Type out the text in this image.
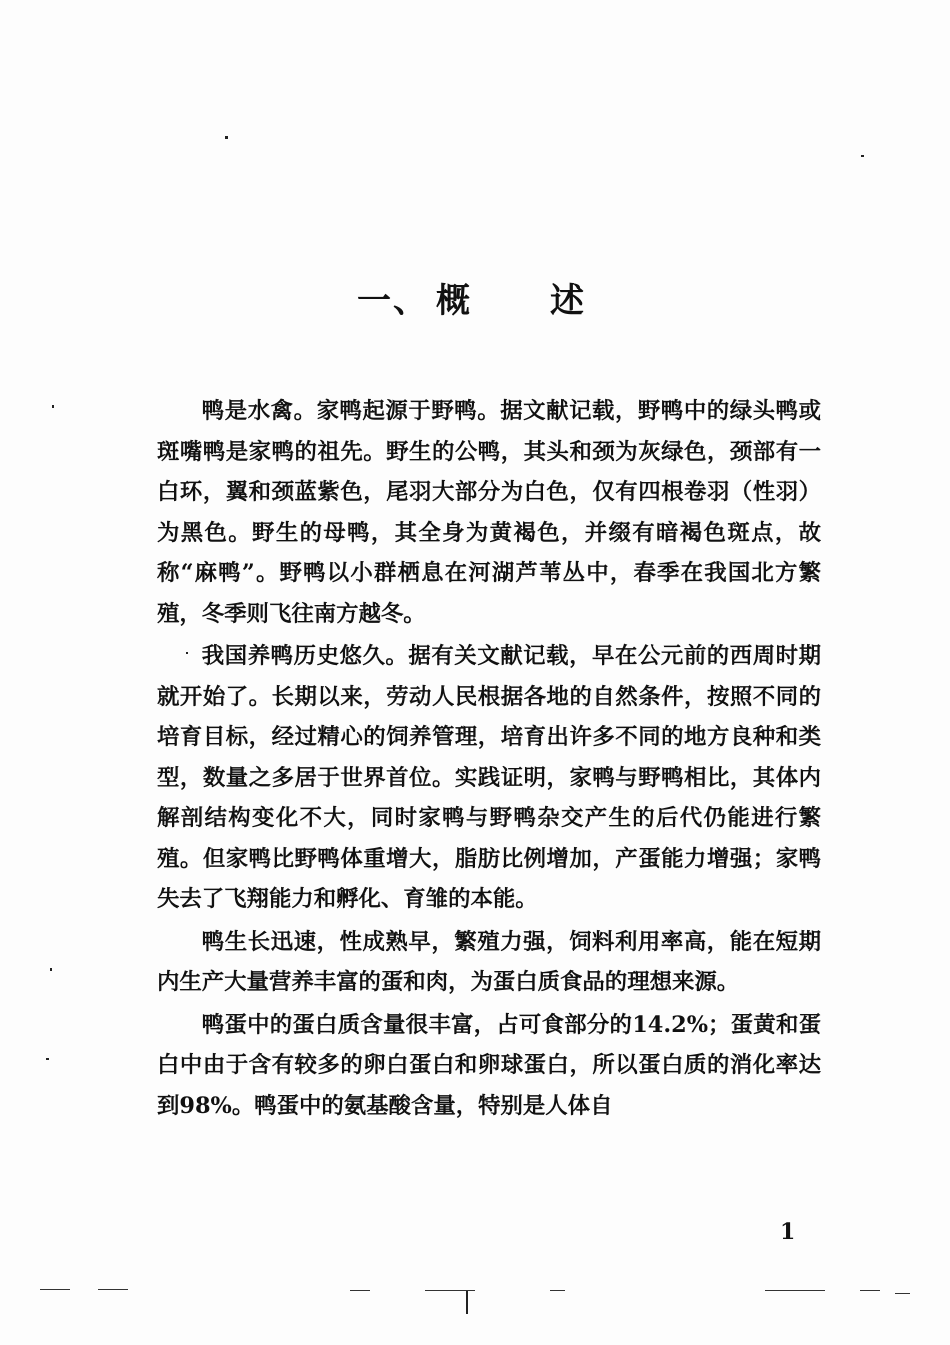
一、 概 述

鸭是水禽。家鸭起源于野鸭。据文献记载，野鸭中的绿头鸭或斑嘴鸭是家鸭的祖先。野生的公鸭，其头和颈为灰绿色，颈部有一白环，翼和颈蓝紫色，尾羽大部分为白色，仅有四根卷羽（性羽）为黑色。野生的母鸭，其全身为黄褐色，并缀有暗褐色斑点，故称“麻鸭”。野鸭以小群栖息在河湖芦苇丛中，春季在我国北方繁殖，冬季则飞往南方越冬。

我国养鸭历史悠久。据有关文献记载，早在公元前的西周时期就开始了。长期以来，劳动人民根据各地的自然条件，按照不同的培育目标，经过精心的饲养管理，培育出许多不同的地方良种和类型，数量之多居于世界首位。实践证明，家鸭与野鸭相比，其体内解剖结构变化不大，同时家鸭与野鸭杂交产生的后代仍能进行繁殖。但家鸭比野鸭体重增大，脂肪比例增加，产蛋能力增强；家鸭失去了飞翔能力和孵化、育雏的本能。

鸭生长迅速，性成熟早，繁殖力强，饲料利用率高，能在短期内生产大量营养丰富的蛋和肉，为蛋白质食品的理想来源。

鸭蛋中的蛋白质含量很丰富，占可食部分的14.2%；蛋黄和蛋白中由于含有较多的卵白蛋白和卵球蛋白，所以蛋白质的消化率达到98%。鸭蛋中的氨基酸含量，特别是人体自

1
